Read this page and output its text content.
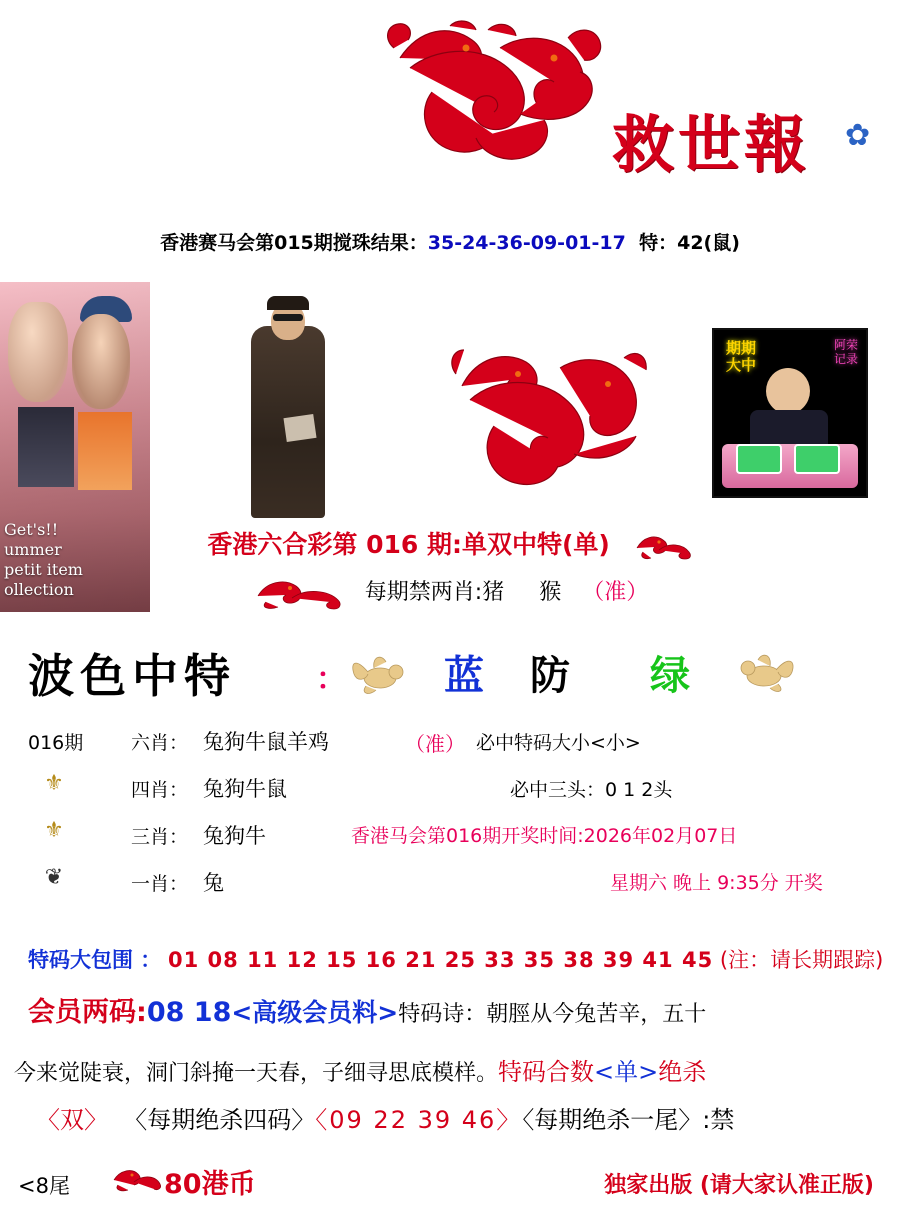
救世報 ✿
香港赛马会第015期搅珠结果：35-24-36-09-01-17 特：42(鼠)
Get's!!
ummer
petit item
ollection
期期
大中
阿荣
记录
香港六合彩第 016 期:单双中特(单)
每期禁两肖:猪 猴 （准）
波色中特	： 蓝 防 绿
016期	六肖： 兔狗牛鼠羊鸡	（准） 必中特码大小<小>
⚜	四肖： 兔狗牛鼠	必中三头：0 1 2头
⚜	三肖： 兔狗牛	香港马会第016期开奖时间:2026年02月07日
❦	一肖： 兔	星期六 晚上 9:35分 开奖
特码大包围 ： 01 08 11 12 15 16 21 25 33 35 38 39 41 45 (注：请长期跟踪)
会员两码:08 18<高级会员料>特码诗：朝脛从今兔苦辛，五十
今来觉陡衰，洞门斜掩一天春，子细寻思底模样。特码合数<单>绝杀
〈双〉 〈每期绝杀四码〉〈09 22 39 46〉〈每期绝杀一尾〉:禁
<8尾	80港币	独家出版 (请大家认准正版)
